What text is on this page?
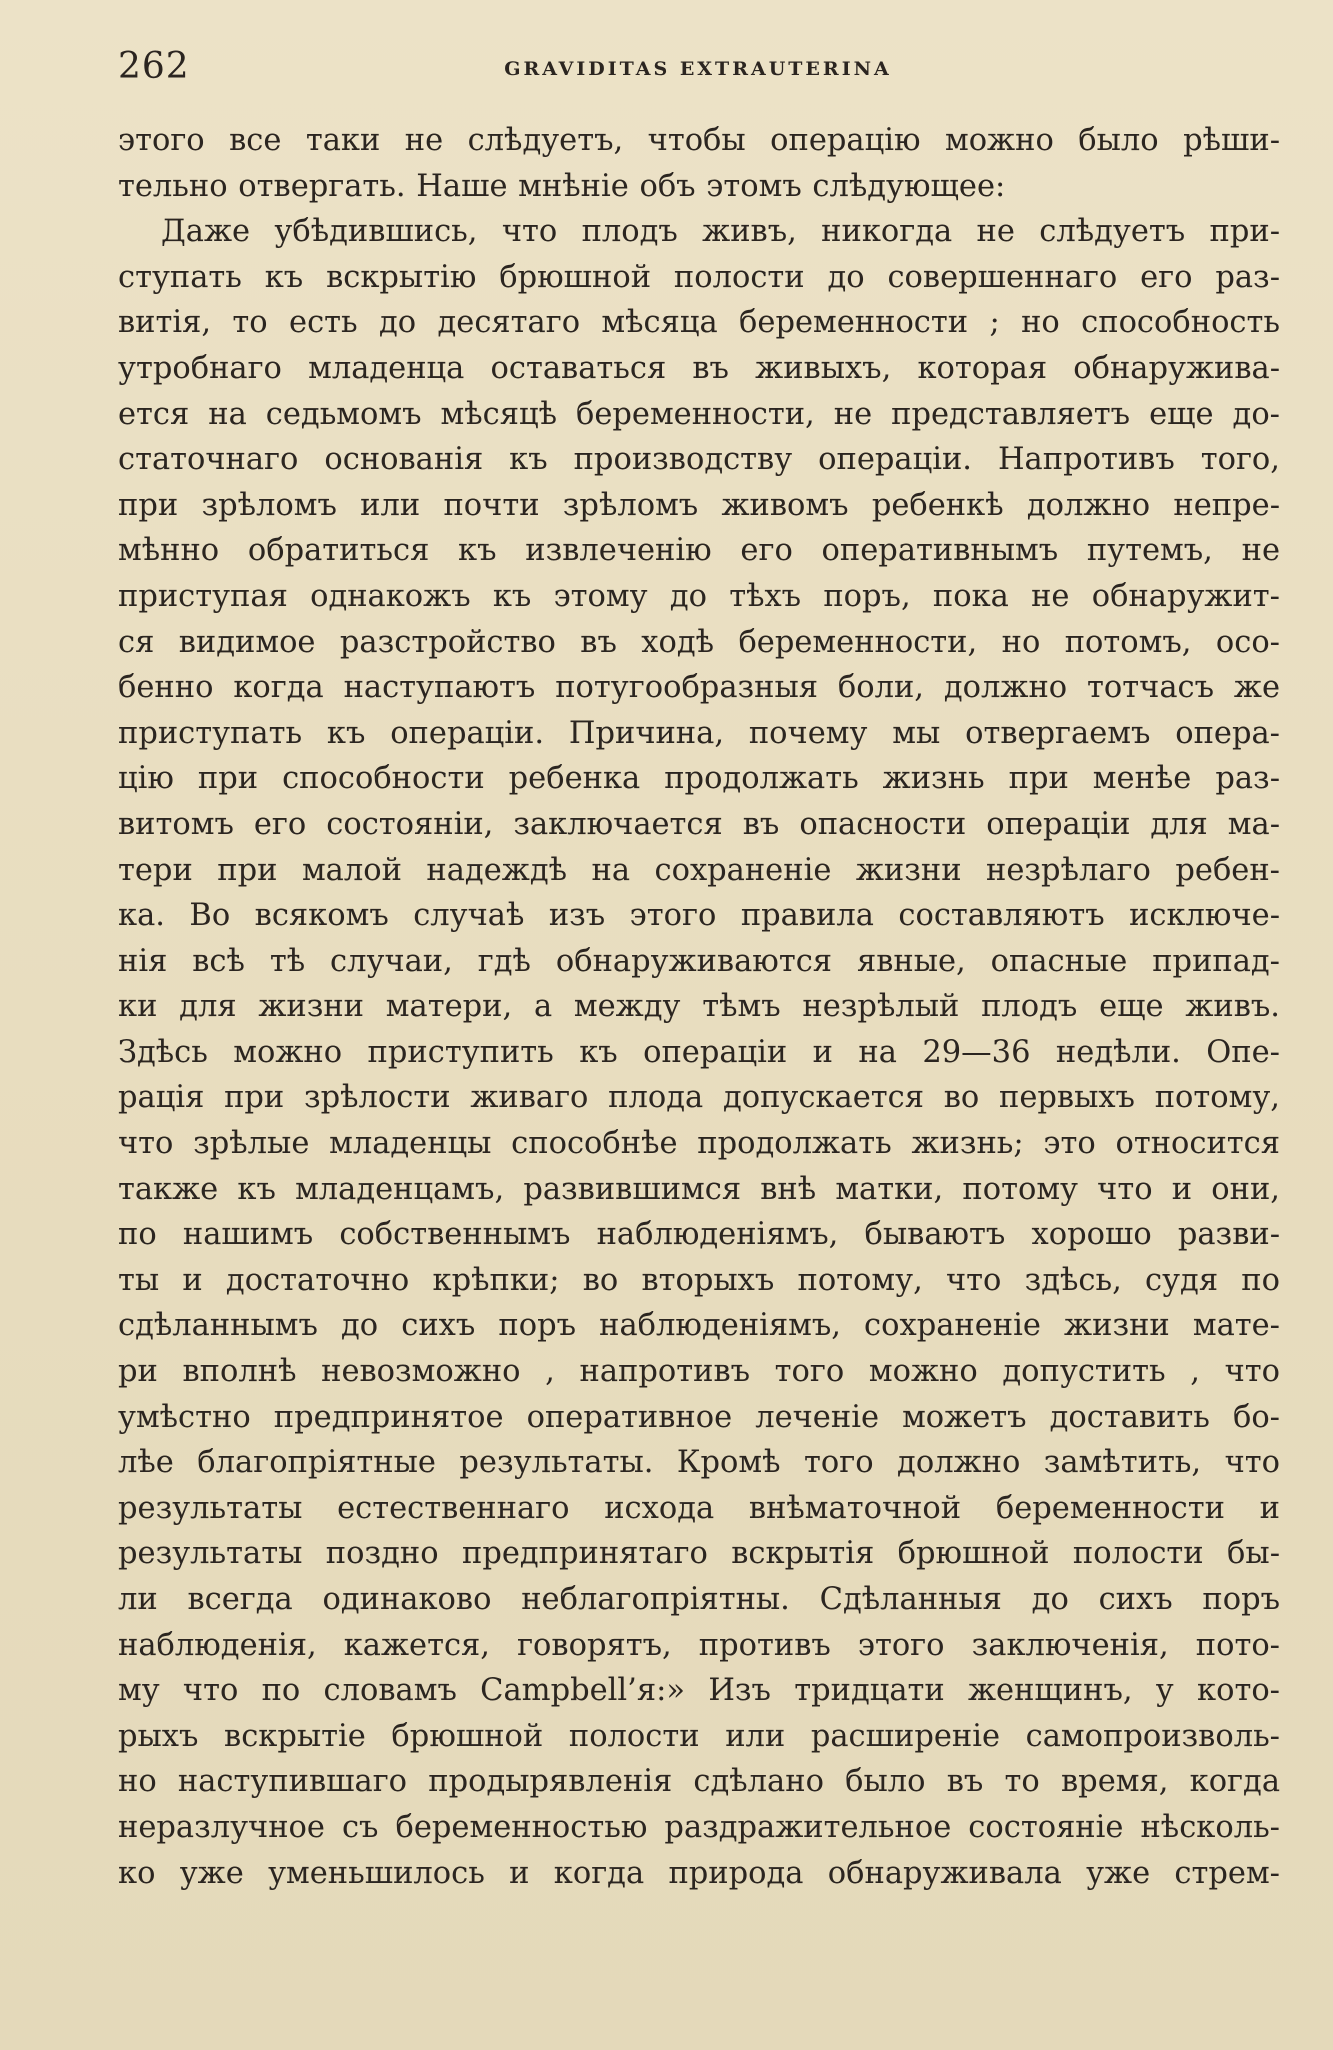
262	GRAVIDITAS EXTRAUTERINA
этого все таки не слѣдуетъ, чтобы операцію можно было рѣши-
тельно отвергать. Наше мнѣніе объ этомъ слѣдующее:
Даже убѣдившись, что плодъ живъ, никогда не слѣдуетъ при-
ступать къ вскрытію брюшной полости до совершеннаго его раз-
витія, то есть до десятаго мѣсяца беременности ; но способность
утробнаго младенца оставаться въ живыхъ, которая обнаружива-
ется на седьмомъ мѣсяцѣ беременности, не представляетъ еще до-
статочнаго основанія къ производству операціи. Напротивъ того,
при зрѣломъ или почти зрѣломъ живомъ ребенкѣ должно непре-
мѣнно обратиться къ извлеченію его оперативнымъ путемъ, не
приступая однакожъ къ этому до тѣхъ поръ, пока не обнаружит-
ся видимое разстройство въ ходѣ беременности, но потомъ, осо-
бенно когда наступаютъ потугообразныя боли, должно тотчасъ же
приступать къ операціи. Причина, почему мы отвергаемъ опера-
цію при способности ребенка продолжать жизнь при менѣе раз-
витомъ его состояніи, заключается въ опасности операціи для ма-
тери при малой надеждѣ на сохраненіе жизни незрѣлаго ребен-
ка. Во всякомъ случаѣ изъ этого правила составляютъ исключе-
нія всѣ тѣ случаи, гдѣ обнаруживаются явные, опасные припад-
ки для жизни матери, а между тѣмъ незрѣлый плодъ еще живъ.
Здѣсь можно приступить къ операціи и на 29—36 недѣли. Опе-
рація при зрѣлости живаго плода допускается во первыхъ потому,
что зрѣлые младенцы способнѣе продолжать жизнь; это относится
также къ младенцамъ, развившимся внѣ матки, потому что и они,
по нашимъ собственнымъ наблюденіямъ, бываютъ хорошо разви-
ты и достаточно крѣпки; во вторыхъ потому, что здѣсь, судя по
сдѣланнымъ до сихъ поръ наблюденіямъ, сохраненіе жизни мате-
ри вполнѣ невозможно , напротивъ того можно допустить , что
умѣстно предпринятое оперативное леченіе можетъ доставить бо-
лѣе благопріятные результаты. Кромѣ того должно замѣтить, что
результаты естественнаго исхода внѣматочной беременности и
результаты поздно предпринятаго вскрытія брюшной полости бы-
ли всегда одинаково неблагопріятны. Сдѣланныя до сихъ поръ
наблюденія, кажется, говорятъ, противъ этого заключенія, пото-
му что по словамъ Campbell’я:» Изъ тридцати женщинъ, у кото-
рыхъ вскрытіе брюшной полости или расширеніе самопроизволь-
но наступившаго продырявленія сдѣлано было въ то время, когда
неразлучное съ беременностью раздражительное состояніе нѣсколь-
ко уже уменьшилось и когда природа обнаруживала уже стрем-
